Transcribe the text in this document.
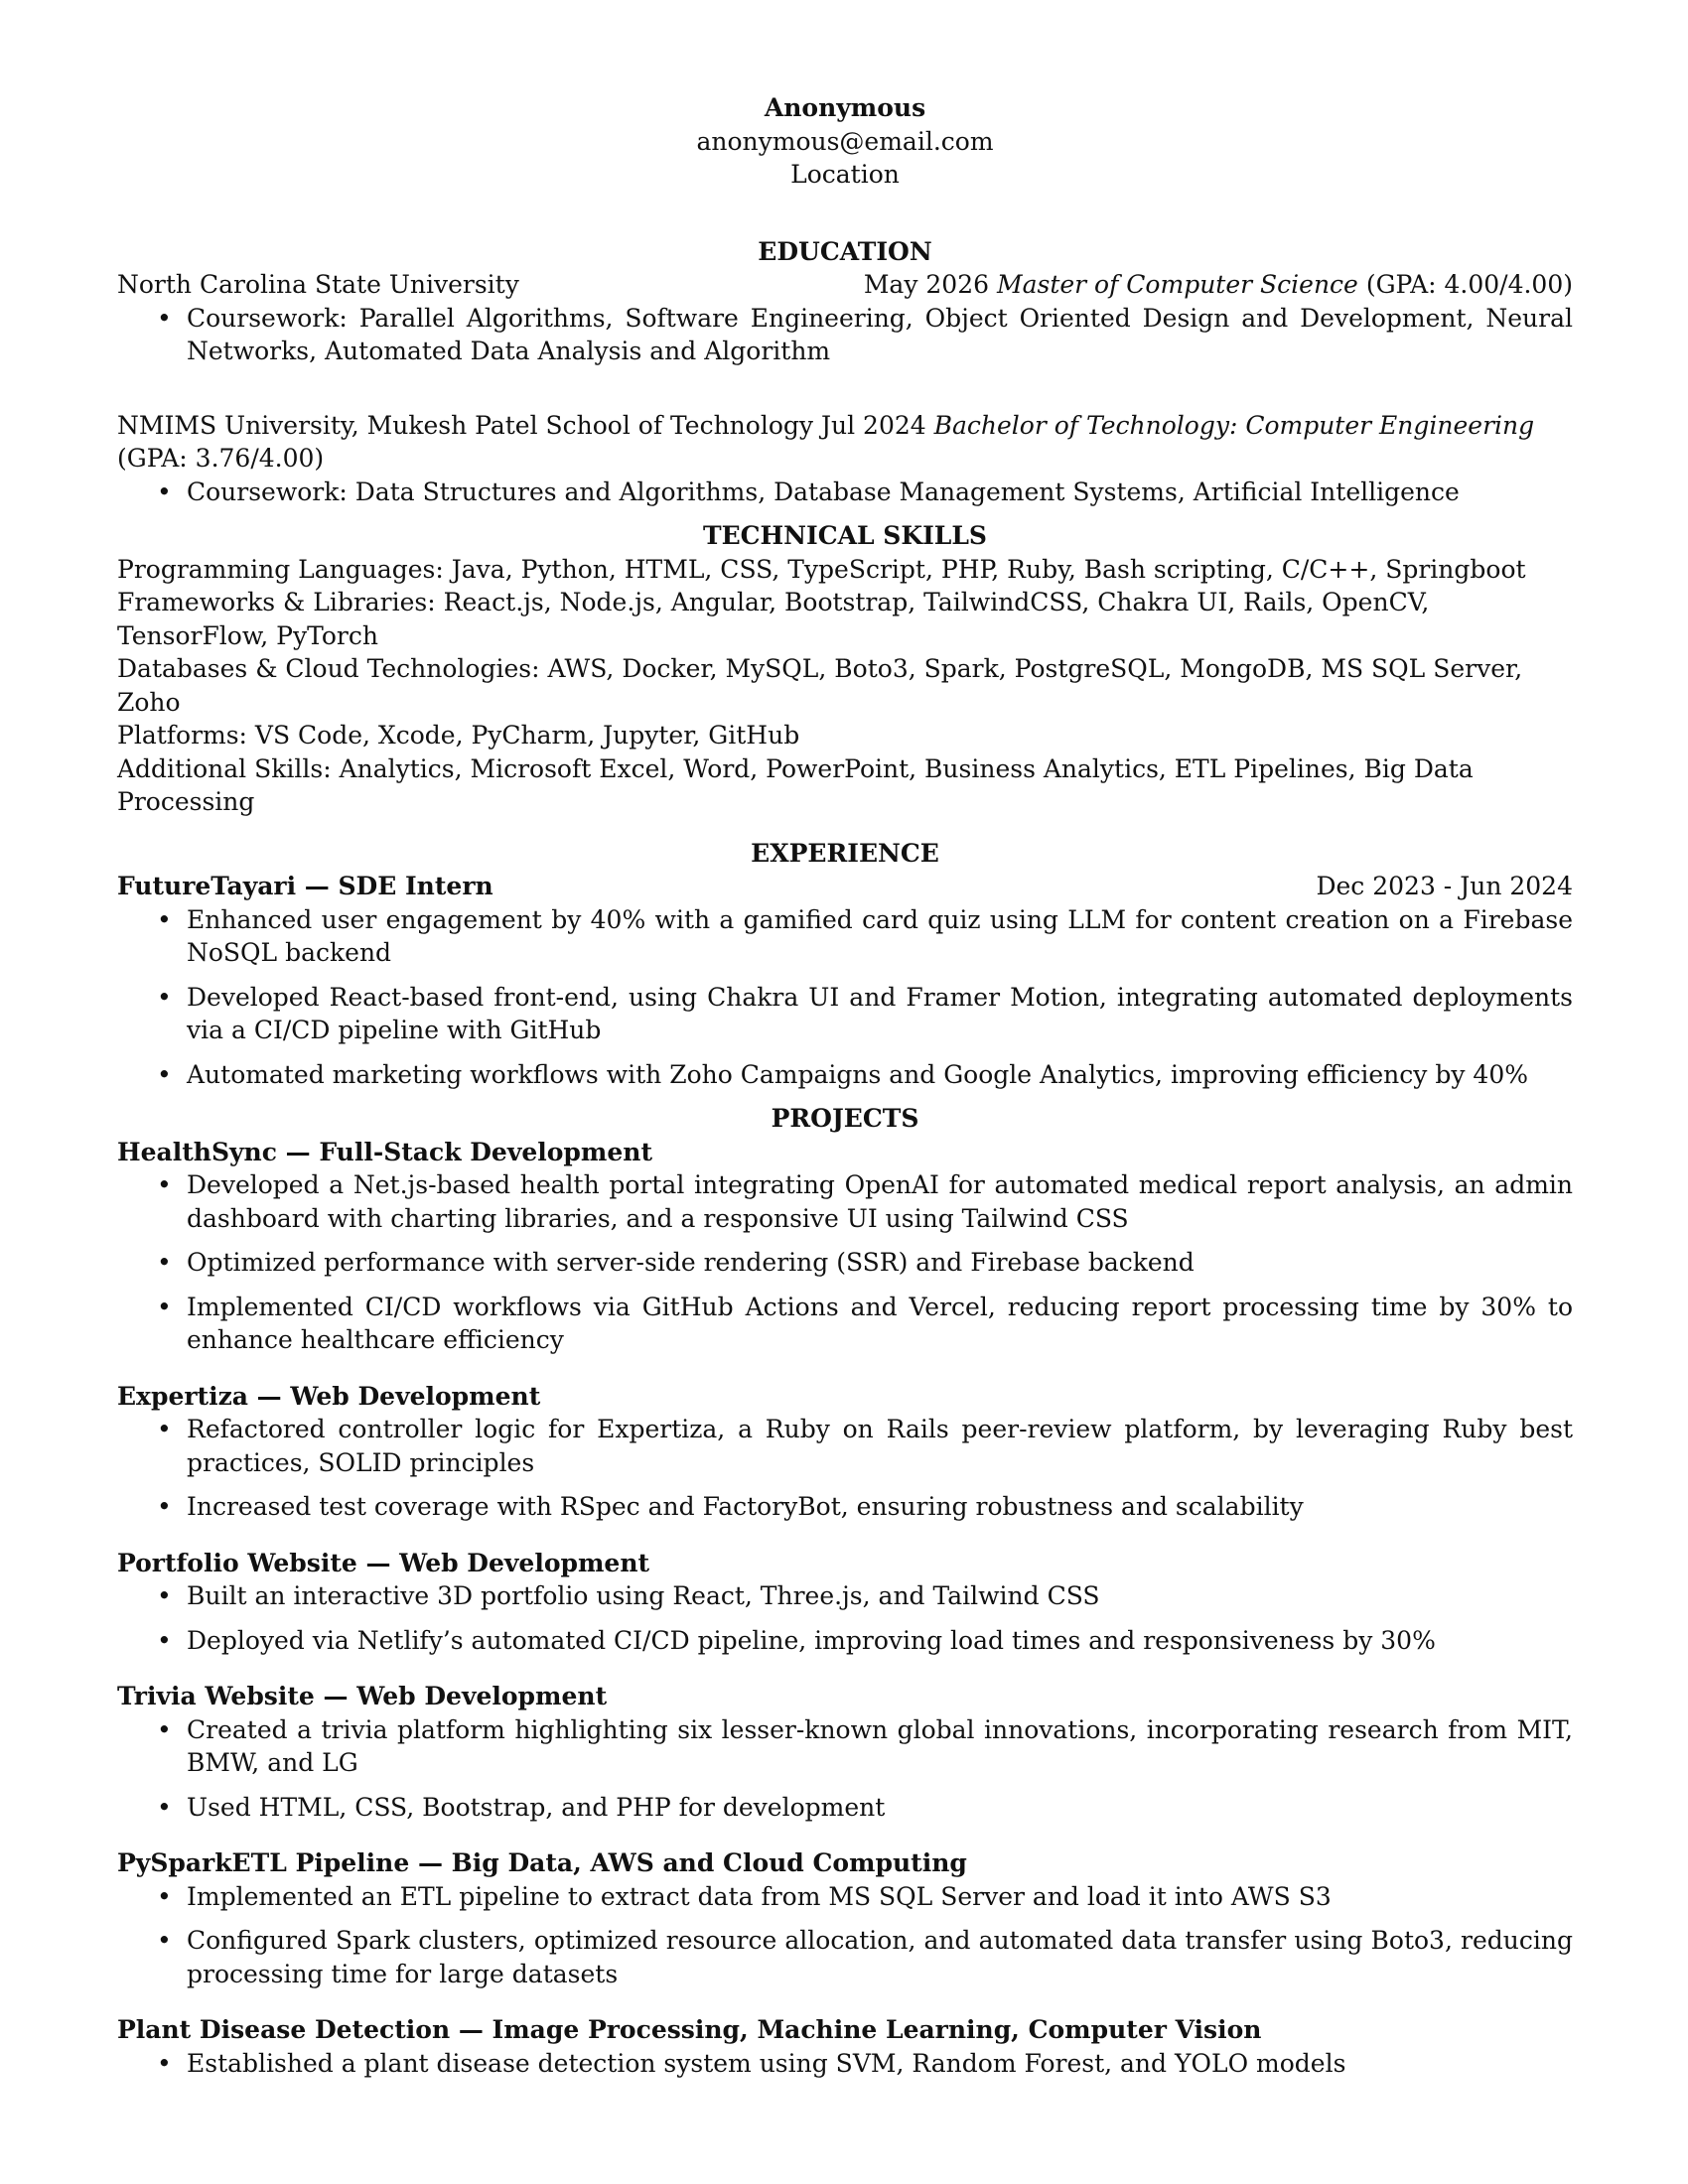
Anonymous
anonymous@email.com
Location
EDUCATION
North Carolina State University	May 2026 Master of Computer Science (GPA: 4.00/4.00)
• Coursework: Parallel Algorithms, Software Engineering, Object Oriented Design and Development, Neural Networks, Automated Data Analysis and Algorithm
NMIMS University, Mukesh Patel School of Technology Jul 2024 Bachelor of Technology: Computer Engineering (GPA: 3.76/4.00)
• Coursework: Data Structures and Algorithms, Database Management Systems, Artificial Intelligence
TECHNICAL SKILLS
Programming Languages: Java, Python, HTML, CSS, TypeScript, PHP, Ruby, Bash scripting, C/C++, Springboot
Frameworks & Libraries: React.js, Node.js, Angular, Bootstrap, TailwindCSS, Chakra UI, Rails, OpenCV, TensorFlow, PyTorch
Databases & Cloud Technologies: AWS, Docker, MySQL, Boto3, Spark, PostgreSQL, MongoDB, MS SQL Server, Zoho
Platforms: VS Code, Xcode, PyCharm, Jupyter, GitHub
Additional Skills: Analytics, Microsoft Excel, Word, PowerPoint, Business Analytics, ETL Pipelines, Big Data Processing
EXPERIENCE
FutureTayari — SDE Intern	Dec 2023 - Jun 2024
• Enhanced user engagement by 40% with a gamified card quiz using LLM for content creation on a Firebase NoSQL backend
• Developed React-based front-end, using Chakra UI and Framer Motion, integrating automated deployments via a CI/CD pipeline with GitHub
• Automated marketing workflows with Zoho Campaigns and Google Analytics, improving efficiency by 40%
PROJECTS
HealthSync — Full-Stack Development
• Developed a Net.js-based health portal integrating OpenAI for automated medical report analysis, an admin dashboard with charting libraries, and a responsive UI using Tailwind CSS
• Optimized performance with server-side rendering (SSR) and Firebase backend
• Implemented CI/CD workflows via GitHub Actions and Vercel, reducing report processing time by 30% to enhance healthcare efficiency
Expertiza — Web Development
• Refactored controller logic for Expertiza, a Ruby on Rails peer-review platform, by leveraging Ruby best practices, SOLID principles
• Increased test coverage with RSpec and FactoryBot, ensuring robustness and scalability
Portfolio Website — Web Development
• Built an interactive 3D portfolio using React, Three.js, and Tailwind CSS
• Deployed via Netlify’s automated CI/CD pipeline, improving load times and responsiveness by 30%
Trivia Website — Web Development
• Created a trivia platform highlighting six lesser-known global innovations, incorporating research from MIT, BMW, and LG
• Used HTML, CSS, Bootstrap, and PHP for development
PySparkETL Pipeline — Big Data, AWS and Cloud Computing
• Implemented an ETL pipeline to extract data from MS SQL Server and load it into AWS S3
• Configured Spark clusters, optimized resource allocation, and automated data transfer using Boto3, reducing processing time for large datasets
Plant Disease Detection — Image Processing, Machine Learning, Computer Vision
• Established a plant disease detection system using SVM, Random Forest, and YOLO models
